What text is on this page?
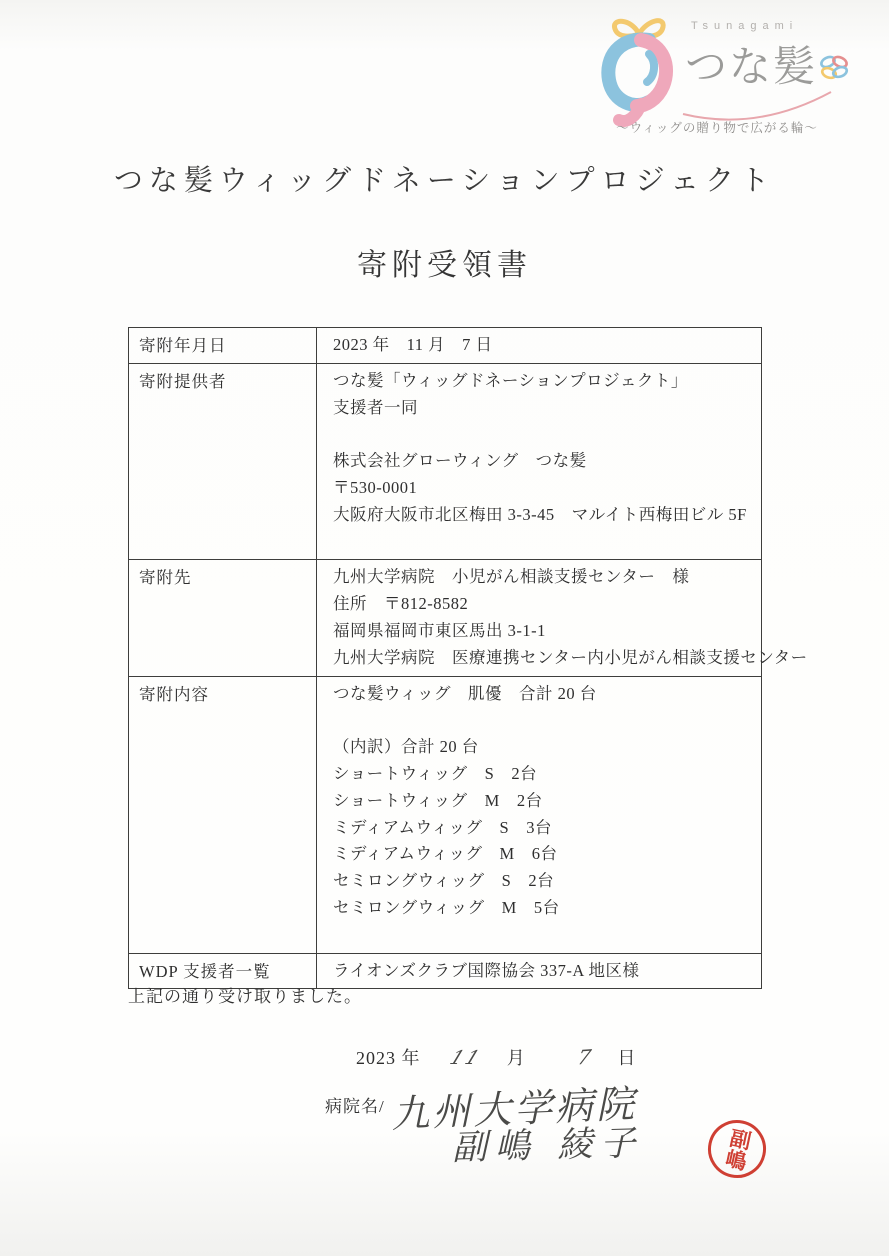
Tsunagami
つな髪
〜ウィッグの贈り物で広がる輪〜
つな髪ウィッグドネーションプロジェクト
寄附受領書
寄附年月日	2023 年　11 月　7 日

寄附提供者	つな髪「ウィッグドネーションプロジェクト」
支援者一同

株式会社グローウィング　つな髪
〒530-0001
大阪府大阪市北区梅田 3-3-45　マルイト西梅田ビル 5F

寄附先	九州大学病院　小児がん相談支援センター　様
住所　〒812-8582
福岡県福岡市東区馬出 3-1-1
九州大学病院　医療連携センター内小児がん相談支援センター

寄附内容	つな髪ウィッグ　肌優　合計 20 台

（内訳）合計 20 台
ショートウィッグ　S　2台
ショートウィッグ　M　2台
ミディアムウィッグ　S　3台
ミディアムウィッグ　M　6台
セミロングウィッグ　S　2台
セミロングウィッグ　M　5台

WDP 支援者一覧	ライオンズクラブ国際協会 337-A 地区様
上記の通り受け取りました。
2023 年 11 月 7 日
病院名/ 九州大学病院
副嶋 綾子	副嶋
